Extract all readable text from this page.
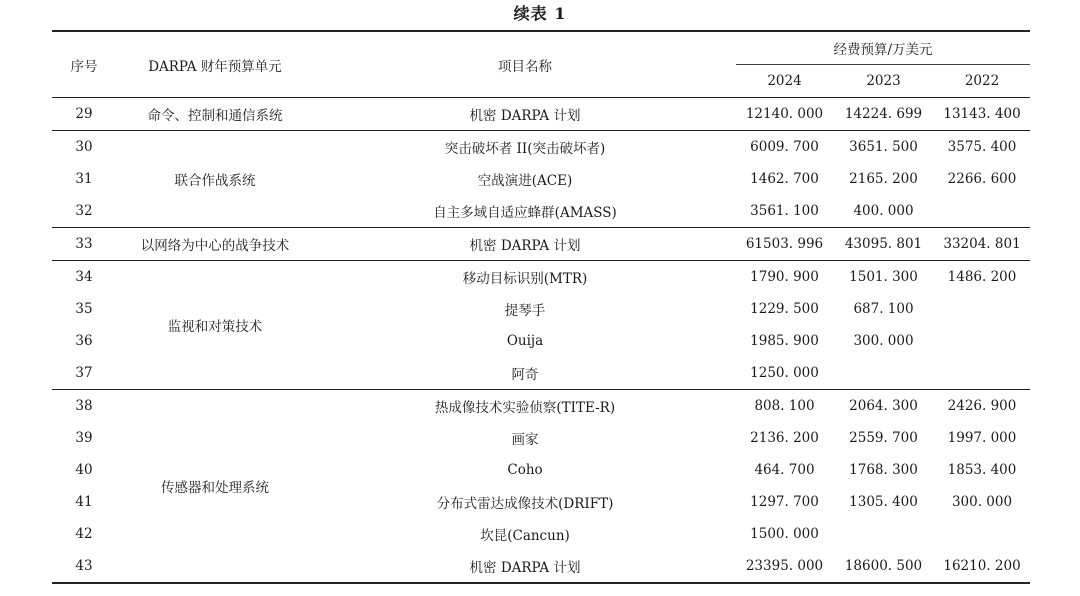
续表 1
序号	DARPA 财年预算单元	项目名称	经费预算/万美元		
			2024	2023	2022
29	命令、控制和通信系统	机密 DARPA 计划	12140. 000	14224. 699	13143. 400
30	联合作战系统	突击破坏者 II(突击破坏者)	6009. 700	3651. 500	3575. 400
31		空战演进(ACE)	1462. 700	2165. 200	2266. 600
32		自主多域自适应蜂群(AMASS)	3561. 100	400. 000	
33	以网络为中心的战争技术	机密 DARPA 计划	61503. 996	43095. 801	33204. 801
34	监视和对策技术	移动目标识别(MTR)	1790. 900	1501. 300	1486. 200
35		提琴手	1229. 500	687. 100	
36		Ouija	1985. 900	300. 000	
37		阿奇	1250. 000		
38	传感器和处理系统	热成像技术实验侦察(TITE-R)	808. 100	2064. 300	2426. 900
39		画家	2136. 200	2559. 700	1997. 000
40		Coho	464. 700	1768. 300	1853. 400
41		分布式雷达成像技术(DRIFT)	1297. 700	1305. 400	300. 000
42		坎昆(Cancun)	1500. 000		
43		机密 DARPA 计划	23395. 000	18600. 500	16210. 200
